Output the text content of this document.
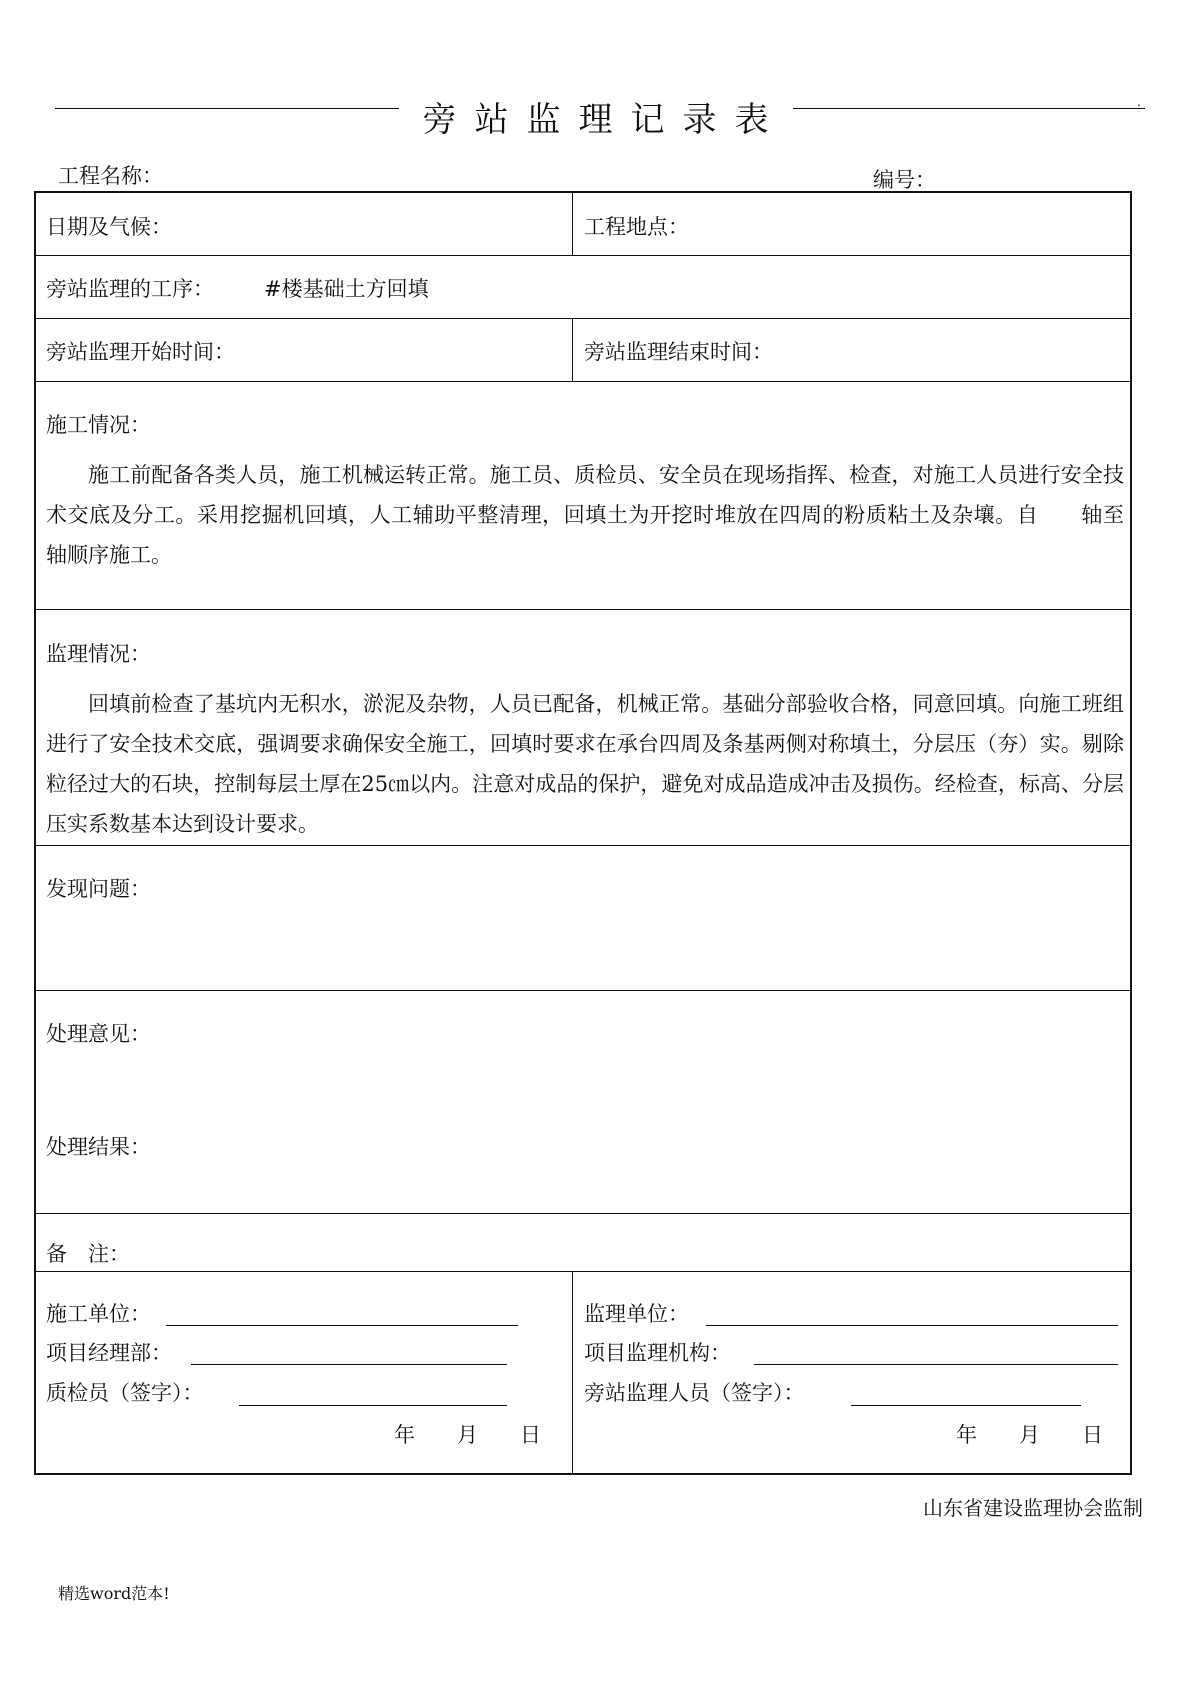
旁站监理记录表	.
工程名称：	编号：
日期及气候：	工程地点：
旁站监理的工序： #楼基础土方回填
旁站监理开始时间：	旁站监理结束时间：
施工情况：

施工前配备各类人员，施工机械运转正常。施工员、质检员、安全员在现场指挥、检查，对施工人员进行安全技术交底及分工。采用挖掘机回填，人工辅助平整清理，回填土为开挖时堆放在四周的粉质粘土及杂壤。自　　轴至　　　轴顺序施工。

监理情况：

回填前检查了基坑内无积水，淤泥及杂物，人员已配备，机械正常。基础分部验收合格，同意回填。向施工班组进行了安全技术交底，强调要求确保安全施工，回填时要求在承台四周及条基两侧对称填土，分层压（夯）实。剔除粒径过大的石块，控制每层土厚在25㎝以内。注意对成品的保护，避免对成品造成冲击及损伤。经检查，标高、分层压实系数基本达到设计要求。

发现问题：
处理意见：
处理结果：
备　注：
施工单位：
项目经理部：
质检员（签字）：
年　　月　　日
监理单位：
项目监理机构：
旁站监理人员（签字）：
年　　月　　日
山东省建设监理协会监制
精选word范本!
